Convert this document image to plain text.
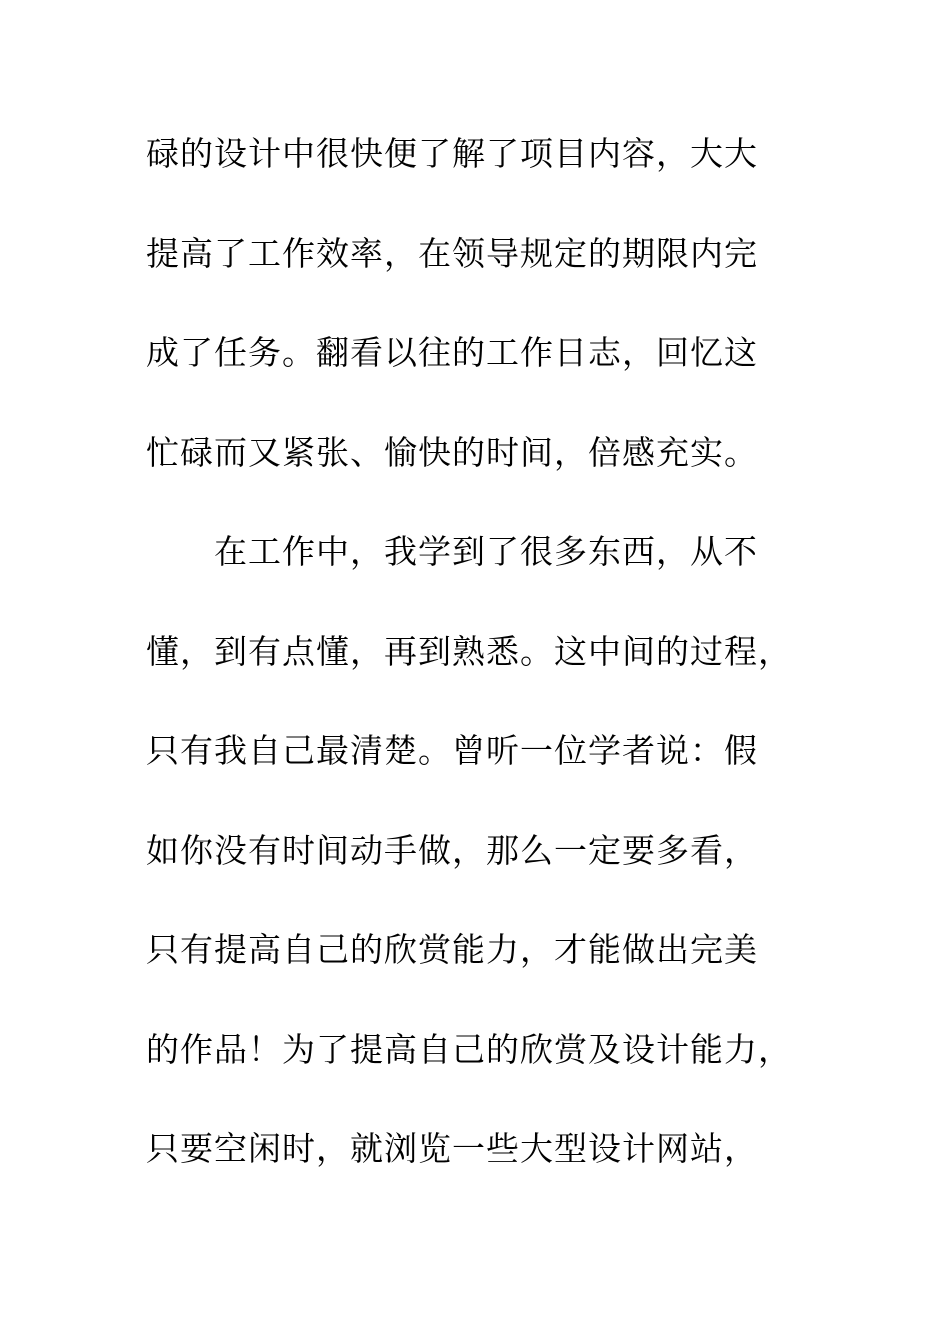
碌的设计中很快便了解了项目内容，大大
提高了工作效率，在领导规定的期限内完
成了任务。翻看以往的工作日志，回忆这
忙碌而又紧张、愉快的时间，倍感充实。
在工作中，我学到了很多东西，从不
懂，到有点懂，再到熟悉。这中间的过程，
只有我自己最清楚。曾听一位学者说：假
如你没有时间动手做，那么一定要多看，
只有提高自己的欣赏能力，才能做出完美
的作品！为了提高自己的欣赏及设计能力，
只要空闲时，就浏览一些大型设计网站，
